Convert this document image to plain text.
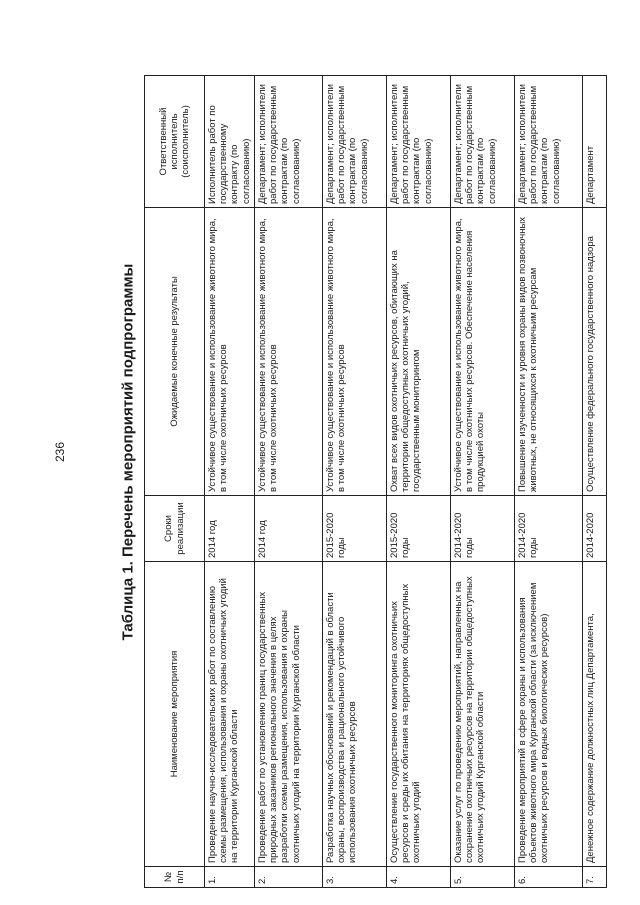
236	Таблица 1. Перечень мероприятий подпрограммы
№ п/п	Наименование мероприятия	Сроки реализации	Ожидаемые конечные результаты	Ответственный исполнитель (соисполнитель)
1.	Проведение научно-исследовательских работ по составлению схемы размещения, использования и охраны охотничьих угодий на территории Курганской области	2014 год	Устойчивое существование и использование животного мира, в том числе охотничьих ресурсов	Исполнитель работ по государственному контракту (по согласованию)
2.	Проведение работ по установлению границ государственных природных заказников регионального значения в целях разработки схемы размещения, использования и охраны охотничьих угодий на территории Курганской области	2014 год	Устойчивое существование и использование животного мира, в том числе охотничьих ресурсов	Департамент; исполнители работ по государственным контрактам (по согласованию)
3.	Разработка научных обоснований и рекомендаций в области охраны, воспроизводства и рационального устойчивого использования охотничьих ресурсов	2015-2020 годы	Устойчивое существование и использование животного мира, в том числе охотничьих ресурсов	Департамент; исполнители работ по государственным контрактам (по согласованию)
4.	Осуществление государственного мониторинга охотничьих ресурсов и среды их обитания на территориях общедоступных охотничьих угодий	2015-2020 годы	Охват всех видов охотничьих ресурсов, обитающих на территории общедоступных охотничьих угодий, государственным мониторингом	Департамент; исполнители работ по государственным контрактам (по согласованию)
5.	Оказание услуг по проведению мероприятий, направленных на сохранение охотничьих ресурсов на территории общедоступных охотничьих угодий Курганской области	2014-2020 годы	Устойчивое существование и использование животного мира, в том числе охотничьих ресурсов. Обеспечение населения продукцией охоты	Департамент; исполнители работ по государственным контрактам (по согласованию)
6.	Проведение мероприятий в сфере охраны и использования объектов животного мира Курганской области (за исключением охотничьих ресурсов и водных биологических ресурсов)	2014-2020 годы	Повышение изученности и уровня охраны видов позвоночных животных, не относящихся к охотничьим ресурсам	Департамент; исполнители работ по государственным контрактам (по согласованию)
7.	Денежное содержание должностных лиц Департамента,	2014-2020	Осуществление федерального государственного надзора	Департамент
